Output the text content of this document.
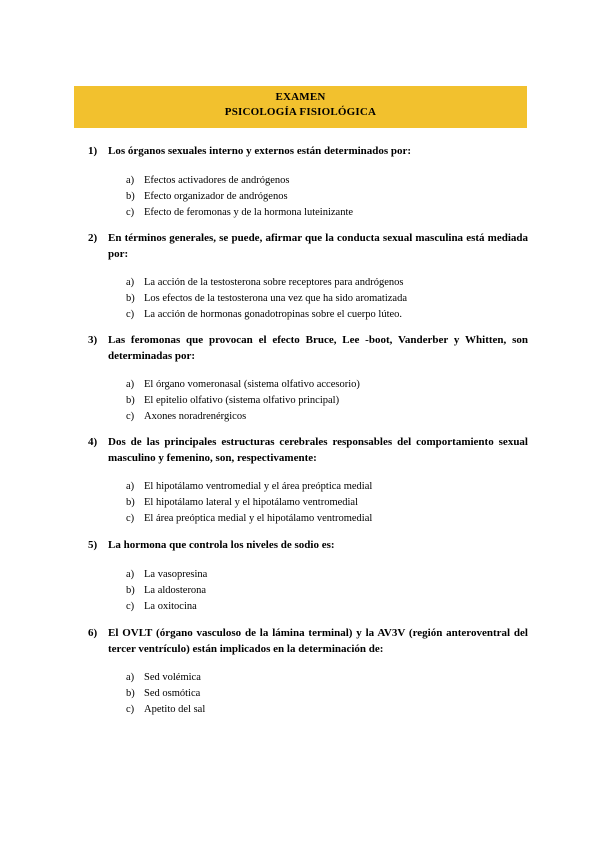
EXAMEN
PSICOLOGÍA FISIOLÓGICA
1) Los órganos sexuales interno y externos están determinados por:
a) Efectos activadores de andrógenos
b) Efecto organizador de andrógenos
c) Efecto de feromonas y de la hormona luteinizante
2) En términos generales, se puede, afirmar que la conducta sexual masculina está mediada por:
a) La acción de la testosterona sobre receptores para andrógenos
b) Los efectos de la testosterona una vez que ha sido aromatizada
c) La acción de hormonas gonadotropinas sobre el cuerpo lúteo.
3) Las feromonas que provocan el efecto Bruce, Lee -boot, Vanderber y Whitten, son determinadas por:
a) El órgano vomeronasal (sistema olfativo accesorio)
b) El epitelio olfativo (sistema olfativo principal)
c) Axones noradrenérgicos
4) Dos de las principales estructuras cerebrales responsables del comportamiento sexual masculino y femenino, son, respectivamente:
a) El hipotálamo ventromedial y el área preóptica medial
b) El hipotálamo lateral y el hipotálamo ventromedial
c) El área preóptica medial y el hipotálamo ventromedial
5) La hormona que controla los niveles de sodio es:
a) La vasopresina
b) La aldosterona
c) La oxitocina
6) El OVLT (órgano vasculoso de la lámina terminal) y la AV3V (región anteroventral del tercer ventrículo) están implicados en la determinación de:
a) Sed volémica
b) Sed osmótica
c) Apetito del sal
